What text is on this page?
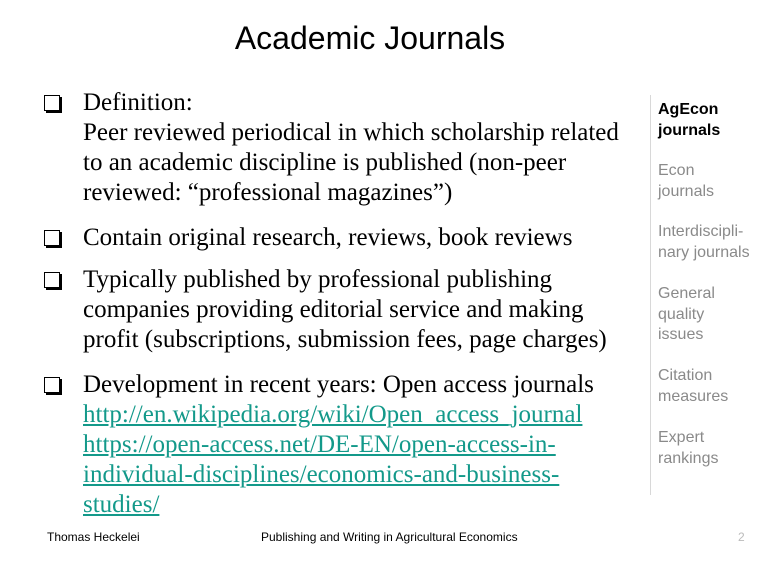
Academic Journals
Definition:
Peer reviewed periodical in which scholarship related
to an academic discipline is published (non-peer
reviewed: “professional magazines”)
Contain original research, reviews, book reviews
Typically published by professional publishing
companies providing editorial service and making
profit (subscriptions, submission fees, page charges)
Development in recent years: Open access journals
http://en.wikipedia.org/wiki/Open_access_journal
https://open-access.net/DE-EN/open-access-in-
individual-disciplines/economics-and-business-
studies/
AgEcon
journals
Econ
journals
Interdiscipli-
nary journals
General
quality
issues
Citation
measures
Expert
rankings
Thomas Heckelei	Publishing and Writing in Agricultural Economics	2
